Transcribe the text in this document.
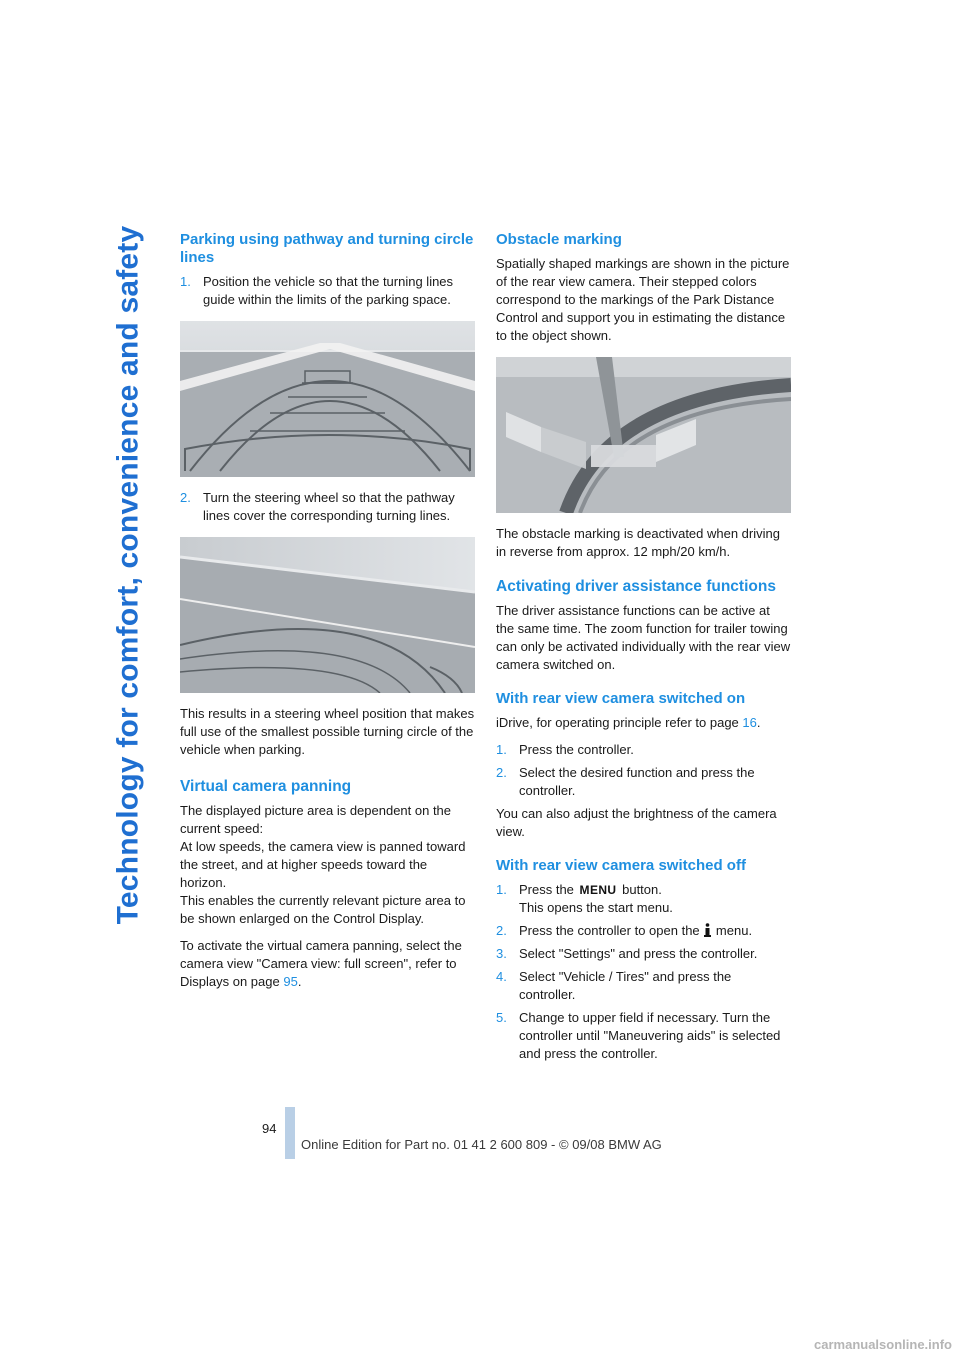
Technology for comfort, convenience and safety Parking using pathway and turning circle lines
1. Position the vehicle so that the turning lines guide within the limits of the parking space.
2. Turn the steering wheel so that the pathway lines cover the corresponding turning lines.

This results in a steering wheel position that makes full use of the smallest possible turning circle of the vehicle when parking.

Virtual camera panning

The displayed picture area is dependent on the current speed:
At low speeds, the camera view is panned toward the street, and at higher speeds toward the horizon.
This enables the currently relevant picture area to be shown enlarged on the Control Display.

To activate the virtual camera panning, select the camera view "Camera view: full screen", refer to Displays on page 95.

Obstacle marking

Spatially shaped markings are shown in the picture of the rear view camera. Their stepped colors correspond to the markings of the Park Distance Control and support you in estimating the distance to the object shown.

The obstacle marking is deactivated when driving in reverse from approx. 12 mph/20 km/h.

Activating driver assistance functions

The driver assistance functions can be active at the same time. The zoom function for trailer towing can only be activated individually with the rear view camera switched on.

With rear view camera switched on

iDrive, for operating principle refer to page 16.

1. Press the controller.
2. Select the desired function and press the controller.

You can also adjust the brightness of the camera view.

With rear view camera switched off
1. Press the MENU button.
This opens the start menu.
2. Press the controller to open the menu.
3. Select "Settings" and press the controller.
4. Select "Vehicle / Tires" and press the controller.
5. Change to upper field if necessary. Turn the controller until "Maneuvering aids" is selected and press the controller.
94
Online Edition for Part no. 01 41 2 600 809 - © 09/08 BMW AG
carmanualsonline.info
